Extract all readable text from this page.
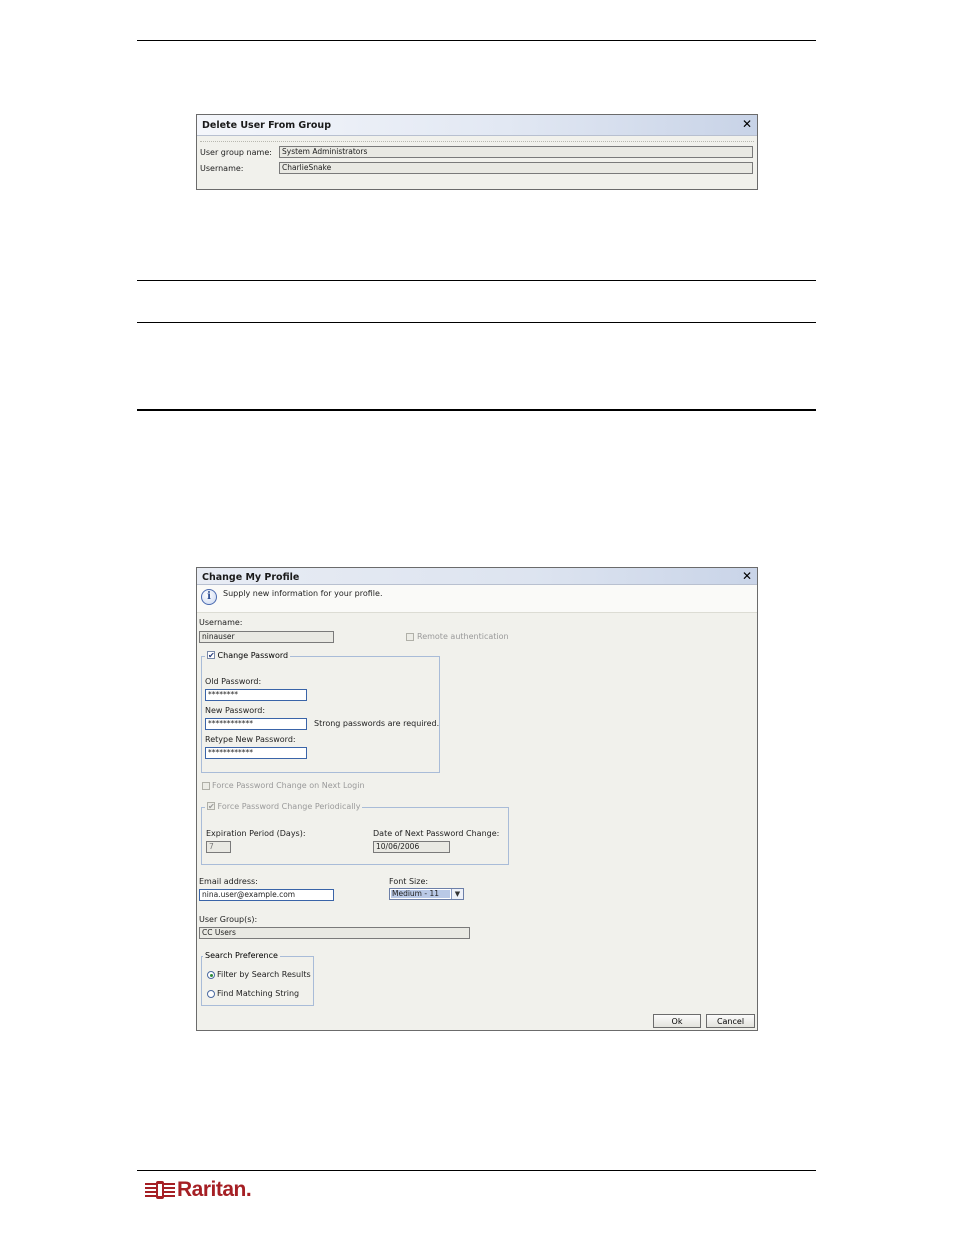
Delete User From Group	✕
User group name:	System Administrators
Username:	CharlieSnake
Change My Profile	✕
i	Supply new information for your profile.
Username:
ninauser	Remote authentication
✔ Change Password
Old Password:
********
New Password:
************	Strong passwords are required.
Retype New Password:
************
Force Password Change on Next Login
✔ Force Password Change Periodically
Expiration Period (Days):
7
Date of Next Password Change:
10/06/2006
Email address:
nina.user@example.com
Font Size:
Medium - 11	▼
User Group(s):
CC Users
Search Preference
Filter by Search Results
Find Matching String
Ok	Cancel
Raritan.
